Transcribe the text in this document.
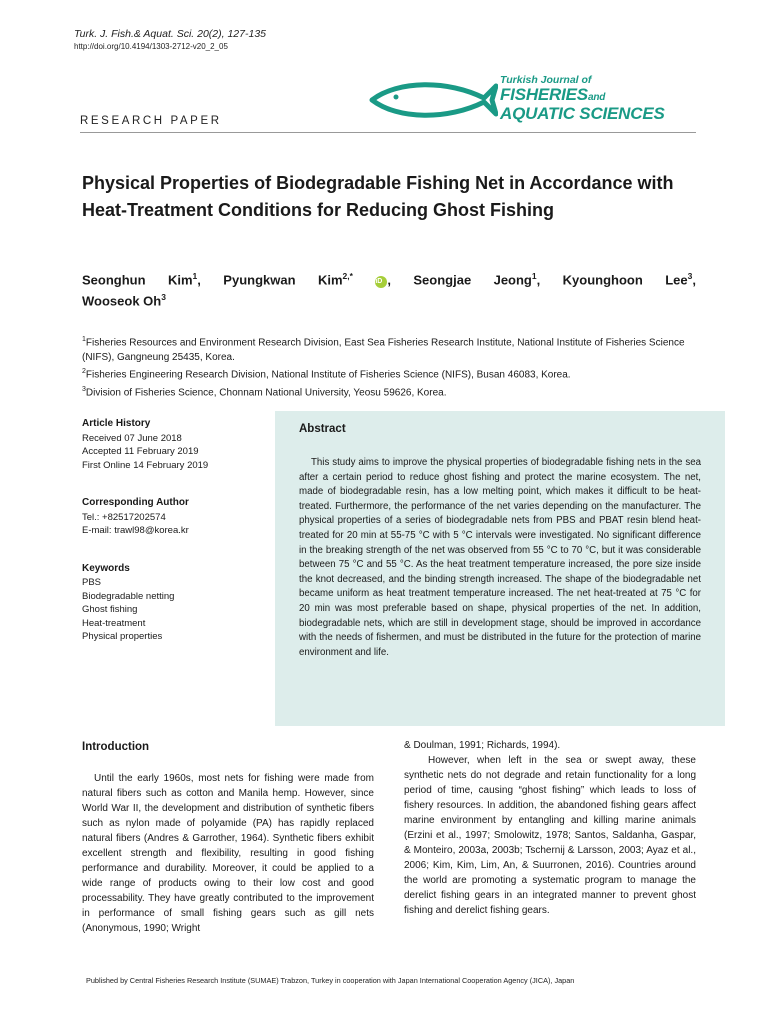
Turk. J. Fish.& Aquat. Sci. 20(2), 127-135
http://doi.org/10.4194/1303-2712-v20_2_05
Turkish Journal of
FISHERIESand
AQUATIC SCIENCES
RESEARCH PAPER
Physical Properties of Biodegradable Fishing Net in Accordance with Heat-Treatment Conditions for Reducing Ghost Fishing
Seonghun Kim$^1$, Pyungkwan Kim$^{2,*}$ iD , Seongjae Jeong$^1$, Kyounghoon Lee$^3$,
Wooseok Oh$^3$
$^1$Fisheries Resources and Environment Research Division, East Sea Fisheries Research Institute, National Institute of Fisheries Science (NIFS), Gangneung 25435, Korea.
$^2$Fisheries Engineering Research Division, National Institute of Fisheries Science (NIFS), Busan 46083, Korea.
$^3$Division of Fisheries Science, Chonnam National University, Yeosu 59626, Korea.
Article History
Received 07 June 2018
Accepted 11 February 2019
First Online 14 February 2019
Corresponding Author
Tel.: +82517202574
E-mail: trawl98@korea.kr
Keywords
PBS
Biodegradable netting
Ghost fishing
Heat-treatment
Physical properties
Abstract

This study aims to improve the physical properties of biodegradable fishing nets in the sea after a certain period to reduce ghost fishing and protect the marine ecosystem. The net, made of biodegradable resin, has a low melting point, which makes it difficult to be heat-treated. Furthermore, the performance of the net varies depending on the manufacturer. The physical properties of a series of biodegradable nets from PBS and PBAT resin blend heat-treated for 20 min at 55-75 °C with 5 °C intervals were investigated. No significant difference in the breaking strength of the net was observed from 55 °C to 70 °C, but it was considerable between 75 °C and 55 °C. As the heat treatment temperature increased, the pore size inside the knot decreased, and the binding strength increased. The shape of the biodegradable net became uniform as heat treatment temperature increased. The net heat-treated at 75 °C for 20 min was most preferable based on shape, physical properties of the net. In addition, biodegradable nets, which are still in development stage, should be improved in accordance with the needs of fishermen, and must be distributed in the future for the protection of marine environment and life.

Introduction

Until the early 1960s, most nets for fishing were made from natural fibers such as cotton and Manila hemp. However, since World War II, the development and distribution of synthetic fibers such as nylon made of polyamide (PA) has rapidly replaced natural fibers (Andres & Garrother, 1964). Synthetic fibers exhibit excellent strength and flexibility, resulting in good fishing performance and durability. Moreover, it could be applied to a wide range of products owing to their low cost and good processability. They have greatly contributed to the improvement in performance of small fishing gears such as gill nets (Anonymous, 1990; Wright

& Doulman, 1991; Richards, 1994).

However, when left in the sea or swept away, these synthetic nets do not degrade and retain functionality for a long period of time, causing “ghost fishing” which leads to loss of fishery resources. In addition, the abandoned fishing gears affect marine environment by entangling and killing marine animals (Erzini et al., 1997; Smolowitz, 1978; Santos, Saldanha, Gaspar, & Monteiro, 2003a, 2003b; Tschernij & Larsson, 2003; Ayaz et al., 2006; Kim, Kim, Lim, An, & Suurronen, 2016). Countries around the world are promoting a systematic program to manage the derelict fishing gears in an integrated manner to prevent ghost fishing and derelict fishing gears.

Published by Central Fisheries Research Institute (SUMAE) Trabzon, Turkey in cooperation with Japan International Cooperation Agency (JICA), Japan
